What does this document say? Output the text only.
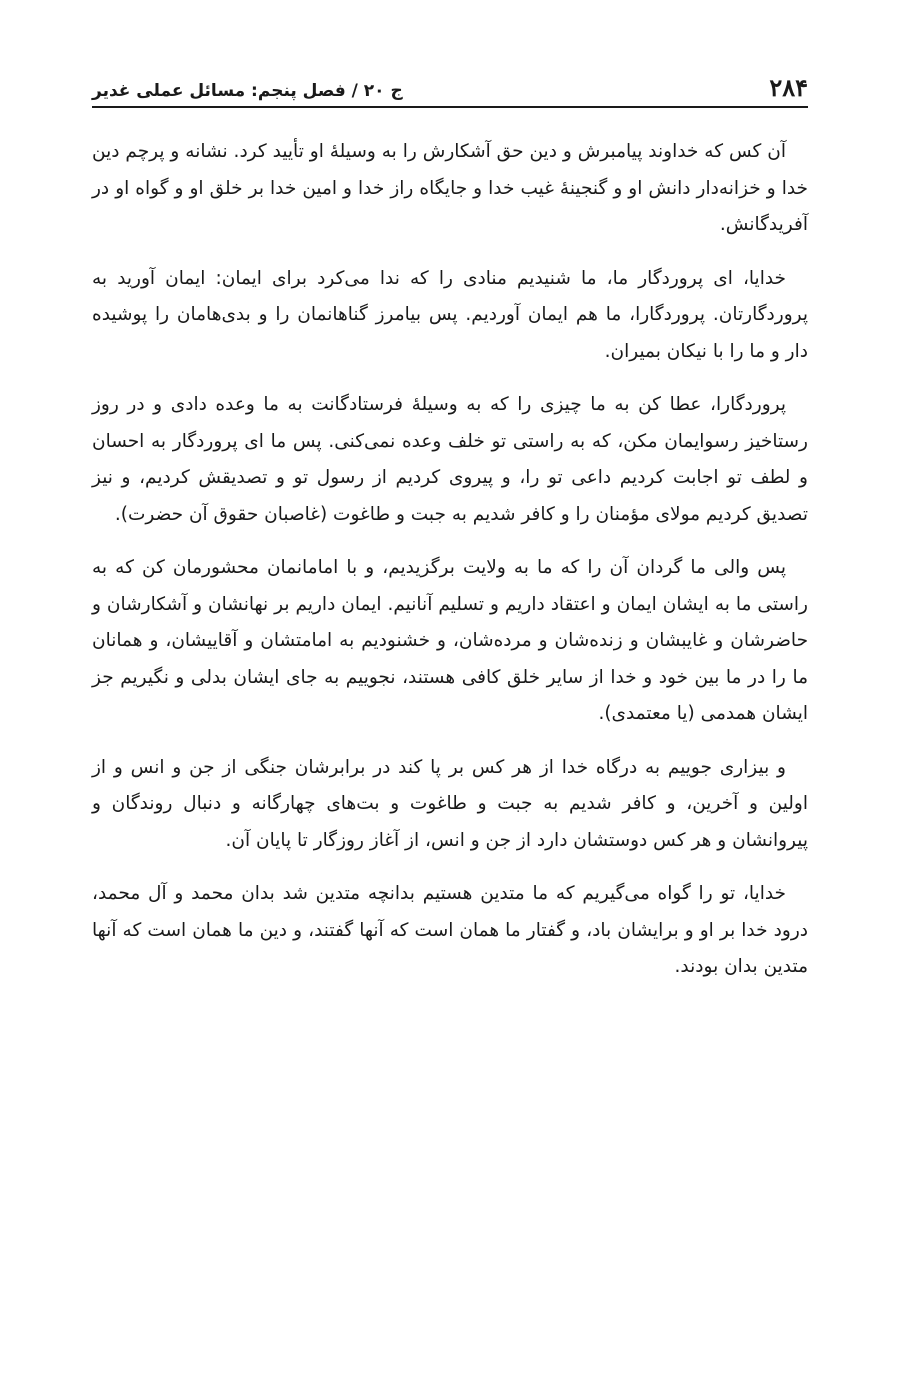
۲۸۴
ج ۲۰ / فصل پنجم: مسائل عملی غدیر

آن کس که خداوند پیامبرش و دین حق آشکارش را به وسیلهٔ او تأیید کرد. نشانه و پرچم دین خدا و خزانه‌دار دانش او و گنجینهٔ غیب خدا و جایگاه راز خدا و امین خدا بر خلق او و گواه او در آفریدگانش.

خدایا، ای پروردگار ما، ما شنیدیم منادی را که ندا می‌کرد برای ایمان: ایمان آورید به پروردگارتان. پروردگارا، ما هم ایمان آوردیم. پس بیامرز گناهانمان را و بدی‌هامان را پوشیده دار و ما را با نیکان بمیران.

پروردگارا، عطا کن به ما چیزی را که به وسیلهٔ فرستادگانت به ما وعده دادی و در روز رستاخیز رسوایمان مکن، که به راستی تو خلف وعده نمی‌کنی. پس ما ای پروردگار به احسان و لطف تو اجابت کردیم داعی تو را، و پیروی کردیم از رسول تو و تصدیقش کردیم، و نیز تصدیق کردیم مولای مؤمنان را و کافر شدیم به جبت و طاغوت (غاصبان حقوق آن حضرت).

پس والی ما گردان آن را که ما به ولایت برگزیدیم، و با امامانمان محشورمان کن که به راستی ما به ایشان ایمان و اعتقاد داریم و تسلیم آنانیم. ایمان داریم بر نهانشان و آشکارشان و حاضرشان و غایبشان و زنده‌شان و مرده‌شان، و خشنودیم به امامتشان و آقاییشان، و همانان ما را در ما بین خود و خدا از سایر خلق کافی هستند، نجوییم به جای ایشان بدلی و نگیریم جز ایشان همدمی (یا معتمدی).

و بیزاری جوییم به درگاه خدا از هر کس بر پا کند در برابرشان جنگی از جن و انس و از اولین و آخرین، و کافر شدیم به جبت و طاغوت و بت‌های چهارگانه و دنبال روندگان و پیروانشان و هر کس دوستشان دارد از جن و انس، از آغاز روزگار تا پایان آن.

خدایا، تو را گواه می‌گیریم که ما متدین هستیم بدانچه متدین شد بدان محمد و آل محمد، درود خدا بر او و برایشان باد، و گفتار ما همان است که آنها گفتند، و دین ما همان است که آنها متدین بدان بودند.
